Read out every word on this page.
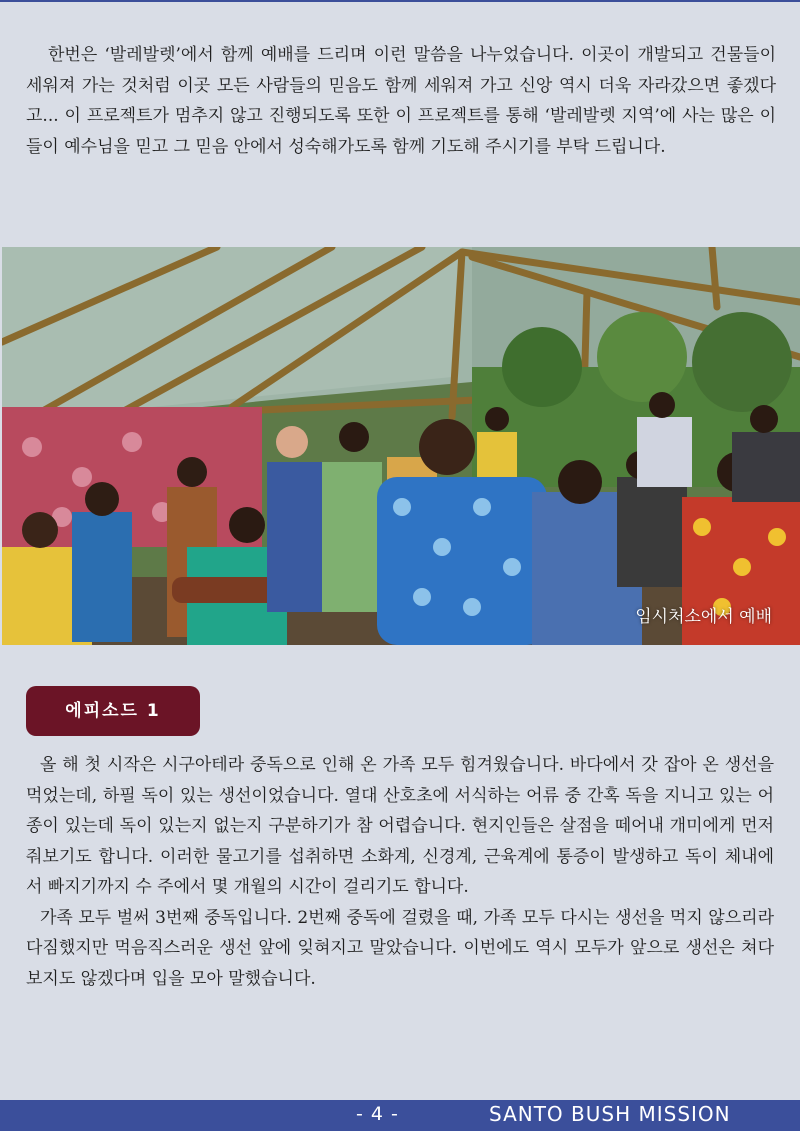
한번은 ‘발레발렛’에서 함께 예배를 드리며 이런 말씀을 나누었습니다. 이곳이 개발되고 건물들이 세워져 가는 것처럼 이곳 모든 사람들의 믿음도 함께 세워져 가고 신앙 역시 더욱 자라갔으면 좋겠다고... 이 프로젝트가 멈추지 않고 진행되도록 또한 이 프로젝트를 통해 ‘발레발렛 지역’에 사는 많은 이들이 예수님을 믿고 그 믿음 안에서 성숙해가도록 함께 기도해 주시기를 부탁 드립니다.

임시처소에서 예배
에피소드 1

올 해 첫 시작은 시구아테라 중독으로 인해 온 가족 모두 힘겨웠습니다. 바다에서 갓 잡아 온 생선을 먹었는데, 하필 독이 있는 생선이었습니다. 열대 산호초에 서식하는 어류 중 간혹 독을 지니고 있는 어종이 있는데 독이 있는지 없는지 구분하기가 참 어렵습니다. 현지인들은 살점을 떼어내 개미에게 먼저 줘보기도 합니다. 이러한 물고기를 섭취하면 소화계, 신경계, 근육계에 통증이 발생하고 독이 체내에서 빠지기까지 수 주에서 몇 개월의 시간이 걸리기도 합니다.

가족 모두 벌써 3번째 중독입니다. 2번째 중독에 걸렸을 때, 가족 모두 다시는 생선을 먹지 않으리라 다짐했지만 먹음직스러운 생선 앞에 잊혀지고 말았습니다. 이번에도 역시 모두가 앞으로 생선은 쳐다 보지도 않겠다며 입을 모아 말했습니다.

- 4 -	SANTO BUSH MISSION
